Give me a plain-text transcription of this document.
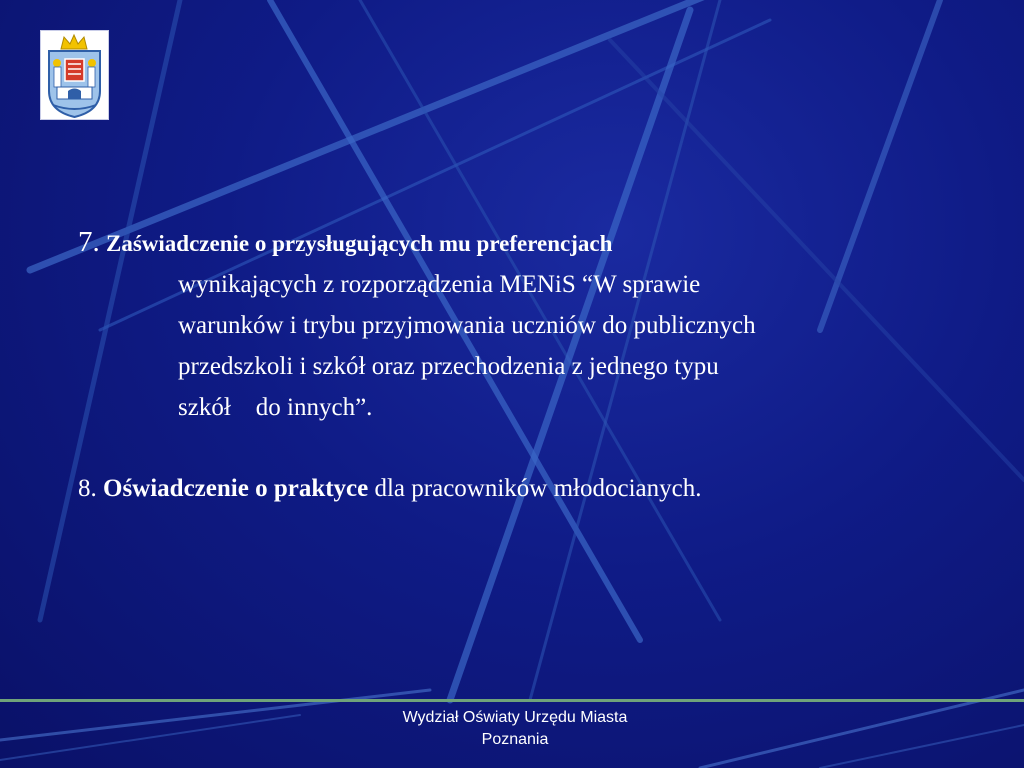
7. Zaświadczenie o przysługujących mu preferencjach

wynikających z rozporządzenia MENiS “W sprawie

warunków i trybu przyjmowania uczniów do publicznych

przedszkoli i szkół oraz przechodzenia z jednego typu

szkół    do innych”.

8. Oświadczenie o praktyce dla pracowników młodocianych.

Wydział Oświaty Urzędu Miasta
Poznania
